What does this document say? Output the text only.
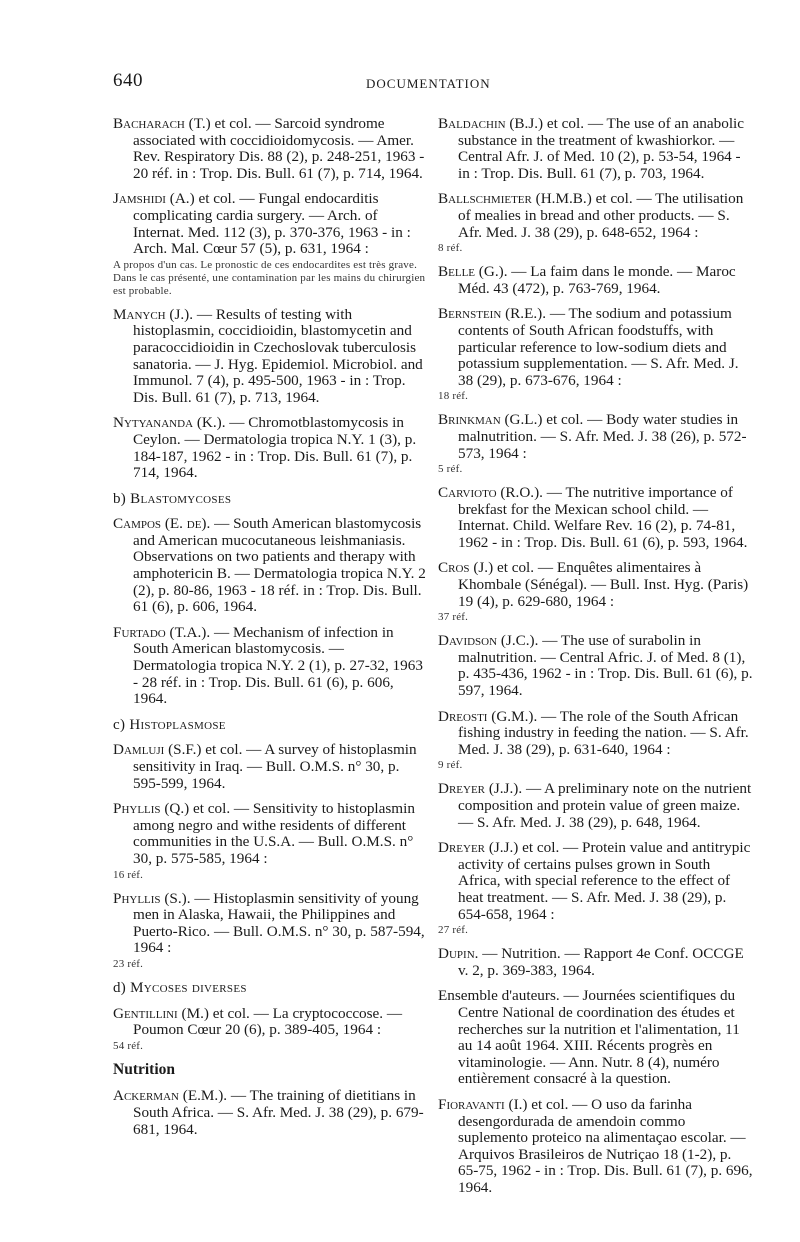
640	DOCUMENTATION
Bacharach (T.) et col. — Sarcoid syndrome associated with coccidioidomycosis. — Amer. Rev. Respiratory Dis. 88 (2), p. 248-251, 1963 - 20 réf. in : Trop. Dis. Bull. 61 (7), p. 714, 1964.
Jamshidi (A.) et col. — Fungal endocarditis complicating cardia surgery. — Arch. of Internat. Med. 112 (3), p. 370-376, 1963 - in : Arch. Mal. Cœur 57 (5), p. 631, 1964 :
A propos d'un cas. Le pronostic de ces endocardites est très grave. Dans le cas présenté, une contamination par les mains du chirurgien est probable.
Manych (J.). — Results of testing with histoplasmin, coccidioidin, blastomycetin and paracoccidioidin in Czechoslovak tuberculosis sanatoria. — J. Hyg. Epidemiol. Microbiol. and Immunol. 7 (4), p. 495-500, 1963 - in : Trop. Dis. Bull. 61 (7), p. 713, 1964.
Nytyananda (K.). — Chromotblastomycosis in Ceylon. — Dermatologia tropica N.Y. 1 (3), p. 184-187, 1962 - in : Trop. Dis. Bull. 61 (7), p. 714, 1964.
b) Blastomycoses
Campos (E. de). — South American blastomycosis and American mucocutaneous leishmaniasis. Observations on two patients and therapy with amphotericin B. — Dermatologia tropica N.Y. 2 (2), p. 80-86, 1963 - 18 réf. in : Trop. Dis. Bull. 61 (6), p. 606, 1964.
Furtado (T.A.). — Mechanism of infection in South American blastomycosis. — Dermatologia tropica N.Y. 2 (1), p. 27-32, 1963 - 28 réf. in : Trop. Dis. Bull. 61 (6), p. 606, 1964.
c) Histoplasmose
Damluji (S.F.) et col. — A survey of histoplasmin sensitivity in Iraq. — Bull. O.M.S. n° 30, p. 595-599, 1964.
Phyllis (Q.) et col. — Sensitivity to histoplasmin among negro and withe residents of different communities in the U.S.A. — Bull. O.M.S. n° 30, p. 575-585, 1964 :
16 réf.
Phyllis (S.). — Histoplasmin sensitivity of young men in Alaska, Hawaii, the Philippines and Puerto-Rico. — Bull. O.M.S. n° 30, p. 587-594, 1964 :
23 réf.
d) Mycoses diverses
Gentillini (M.) et col. — La cryptococcose. — Poumon Cœur 20 (6), p. 389-405, 1964 :
54 réf.
Nutrition
Ackerman (E.M.). — The training of dietitians in South Africa. — S. Afr. Med. J. 38 (29), p. 679-681, 1964.
Baldachin (B.J.) et col. — The use of an anabolic substance in the treatment of kwashiorkor. — Central Afr. J. of Med. 10 (2), p. 53-54, 1964 - in : Trop. Dis. Bull. 61 (7), p. 703, 1964.
Ballschmieter (H.M.B.) et col. — The utilisation of mealies in bread and other products. — S. Afr. Med. J. 38 (29), p. 648-652, 1964 :
8 réf.
Belle (G.). — La faim dans le monde. — Maroc Méd. 43 (472), p. 763-769, 1964.
Bernstein (R.E.). — The sodium and potassium contents of South African foodstuffs, with particular reference to low-sodium diets and potassium supplementation. — S. Afr. Med. J. 38 (29), p. 673-676, 1964 :
18 réf.
Brinkman (G.L.) et col. — Body water studies in malnutrition. — S. Afr. Med. J. 38 (26), p. 572-573, 1964 :
5 réf.
Carvioto (R.O.). — The nutritive importance of brekfast for the Mexican school child. — Internat. Child. Welfare Rev. 16 (2), p. 74-81, 1962 - in : Trop. Dis. Bull. 61 (6), p. 593, 1964.
Cros (J.) et col. — Enquêtes alimentaires à Khombale (Sénégal). — Bull. Inst. Hyg. (Paris) 19 (4), p. 629-680, 1964 :
37 réf.
Davidson (J.C.). — The use of surabolin in malnutrition. — Central Afric. J. of Med. 8 (1), p. 435-436, 1962 - in : Trop. Dis. Bull. 61 (6), p. 597, 1964.
Dreosti (G.M.). — The role of the South African fishing industry in feeding the nation. — S. Afr. Med. J. 38 (29), p. 631-640, 1964 :
9 réf.
Dreyer (J.J.). — A preliminary note on the nutrient composition and protein value of green maize. — S. Afr. Med. J. 38 (29), p. 648, 1964.
Dreyer (J.J.) et col. — Protein value and antitrypic activity of certains pulses grown in South Africa, with special reference to the effect of heat treatment. — S. Afr. Med. J. 38 (29), p. 654-658, 1964 :
27 réf.
Dupin. — Nutrition. — Rapport 4e Conf. OCCGE v. 2, p. 369-383, 1964.
Ensemble d'auteurs. — Journées scientifiques du Centre National de coordination des études et recherches sur la nutrition et l'alimentation, 11 au 14 août 1964. XIII. Récents progrès en vitaminologie. — Ann. Nutr. 8 (4), numéro entièrement consacré à la question.
Fioravanti (I.) et col. — O uso da farinha desengordurada de amendoin commo suplemento proteico na alimentaçao escolar. — Arquivos Brasileiros de Nutriçao 18 (1-2), p. 65-75, 1962 - in : Trop. Dis. Bull. 61 (7), p. 696, 1964.
